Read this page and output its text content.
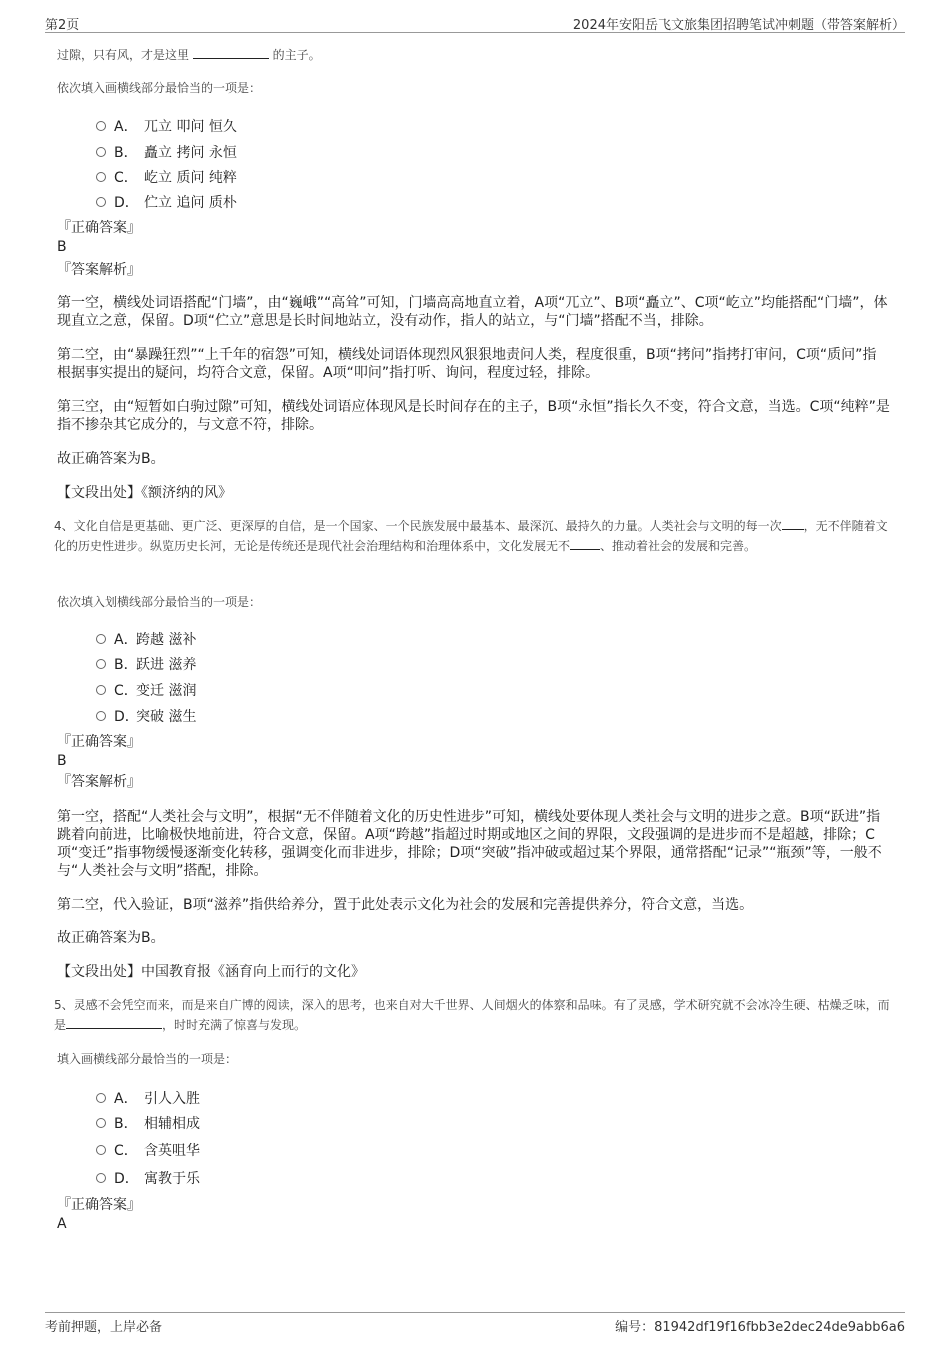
第2页	2024年安阳岳飞文旅集团招聘笔试冲刺题（带答案解析）
过隙，只有风，才是这里	的主子。
依次填入画横线部分最恰当的一项是：
A． 兀立 叩问 恒久
B． 矗立 拷问 永恒
C． 屹立 质问 纯粹
D． 伫立 追问 质朴
『正确答案』
B
『答案解析』
第一空，横线处词语搭配“门墙”，由“巍峨”“高耸”可知，门墙高高地直立着，A项“兀立”、B项“矗立”、C项“屹立”均能搭配“门墙”，体现直立之意，保留。D项“伫立”意思是长时间地站立，没有动作，指人的站立，与“门墙”搭配不当，排除。
第二空，由“暴躁狂烈”“上千年的宿怨”可知，横线处词语体现烈风狠狠地责问人类，程度很重，B项“拷问”指拷打审问，C项“质问”指根据事实提出的疑问，均符合文意，保留。A项“叩问”指打听、询问，程度过轻，排除。
第三空，由“短暂如白驹过隙”可知，横线处词语应体现风是长时间存在的主子，B项“永恒”指长久不变，符合文意，当选。C项“纯粹”是指不掺杂其它成分的，与文意不符，排除。
故正确答案为B。
【文段出处】《额济纳的风》
4、文化自信是更基础、更广泛、更深厚的自信，是一个国家、一个民族发展中最基本、最深沉、最持久的力量。人类社会与文明的每一次 ，无不伴随着文化的历史性进步。纵览历史长河，无论是传统还是现代社会治理结构和治理体系中，文化发展无不	、推动着社会的发展和完善。
依次填入划横线部分最恰当的一项是：
A．跨越 滋补
B．跃进 滋养
C．变迁 滋润
D．突破 滋生
『正确答案』
B
『答案解析』
第一空，搭配“人类社会与文明”，根据“无不伴随着文化的历史性进步”可知，横线处要体现人类社会与文明的进步之意。B项“跃进”指跳着向前进，比喻极快地前进，符合文意，保留。A项“跨越”指超过时期或地区之间的界限，文段强调的是进步而不是超越，排除；C项“变迁”指事物缓慢逐渐变化转移，强调变化而非进步，排除；D项“突破”指冲破或超过某个界限，通常搭配“记录”“瓶颈”等，一般不与“人类社会与文明”搭配，排除。
第二空，代入验证，B项“滋养”指供给养分，置于此处表示文化为社会的发展和完善提供养分，符合文意，当选。
故正确答案为B。
【文段出处】中国教育报《涵育向上而行的文化》
5、灵感不会凭空而来，而是来自广博的阅读，深入的思考，也来自对大千世界、人间烟火的体察和品味。有了灵感，学术研究就不会冰冷生硬、枯燥乏味，而是	，时时充满了惊喜与发现。
填入画横线部分最恰当的一项是：
A． 引人入胜
B． 相辅相成
C． 含英咀华
D． 寓教于乐
『正确答案』
A
考前押题，上岸必备	编号：81942df19f16fbb3e2dec24de9abb6a6
